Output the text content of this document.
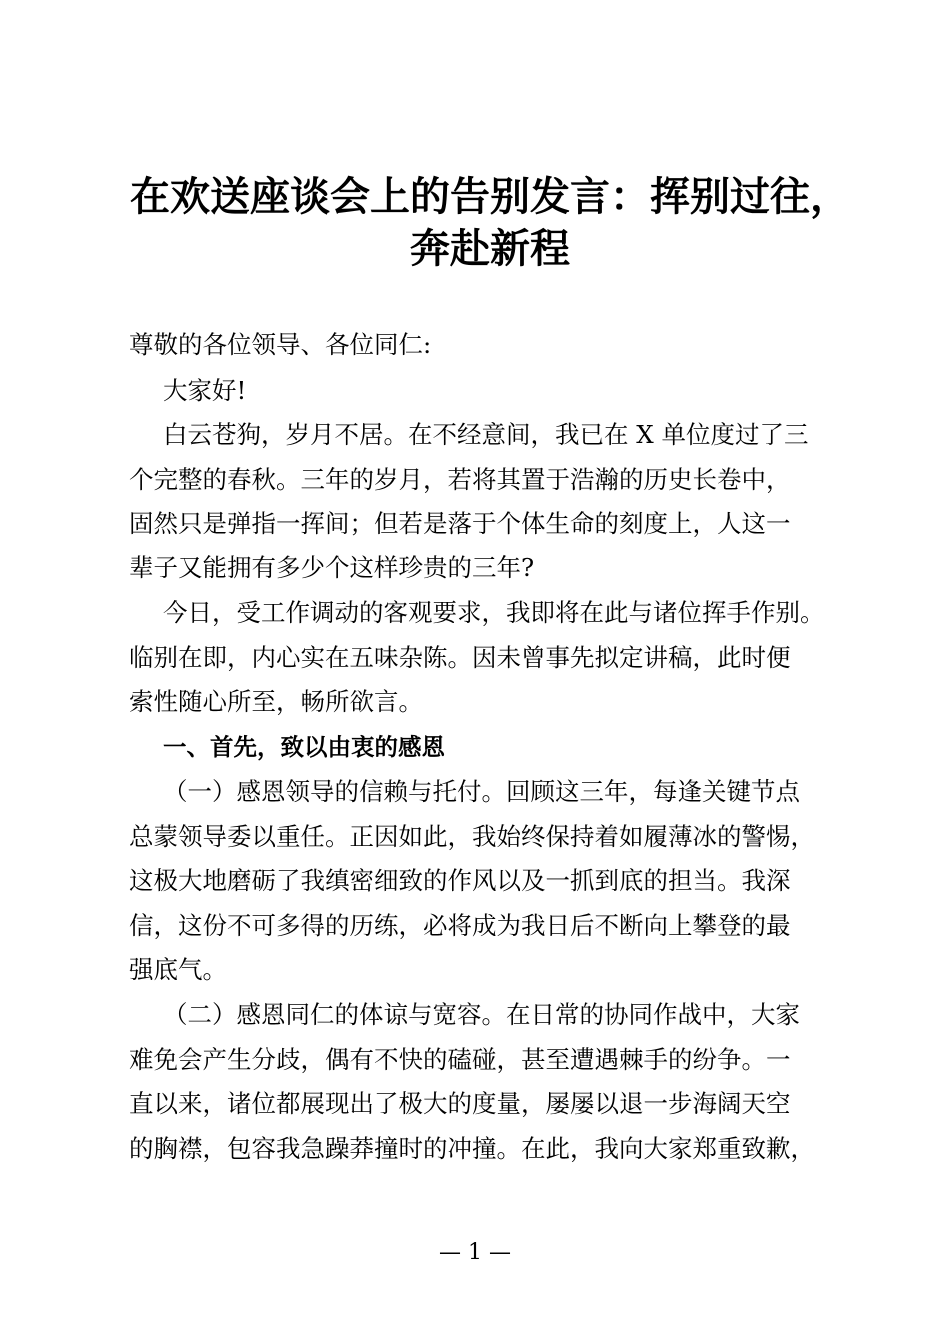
在欢送座谈会上的告别发言：挥别过往，
奔赴新程
尊敬的各位领导、各位同仁:
大家好!
白云苍狗，岁月不居。在不经意间，我已在 X 单位度过了三
个完整的春秋。三年的岁月，若将其置于浩瀚的历史长卷中，
固然只是弹指一挥间；但若是落于个体生命的刻度上，人这一
辈子又能拥有多少个这样珍贵的三年?
今日，受工作调动的客观要求，我即将在此与诸位挥手作别。
临别在即，内心实在五味杂陈。因未曾事先拟定讲稿，此时便
索性随心所至，畅所欲言。
一、首先，致以由衷的感恩
（一）感恩领导的信赖与托付。回顾这三年，每逢关键节点
总蒙领导委以重任。正因如此，我始终保持着如履薄冰的警惕，
这极大地磨砺了我缜密细致的作风以及一抓到底的担当。我深
信，这份不可多得的历练，必将成为我日后不断向上攀登的最
强底气。
（二）感恩同仁的体谅与宽容。在日常的协同作战中，大家
难免会产生分歧，偶有不快的磕碰，甚至遭遇棘手的纷争。一
直以来，诸位都展现出了极大的度量，屡屡以退一步海阔天空
的胸襟，包容我急躁莽撞时的冲撞。在此，我向大家郑重致歉，
— 1 —
